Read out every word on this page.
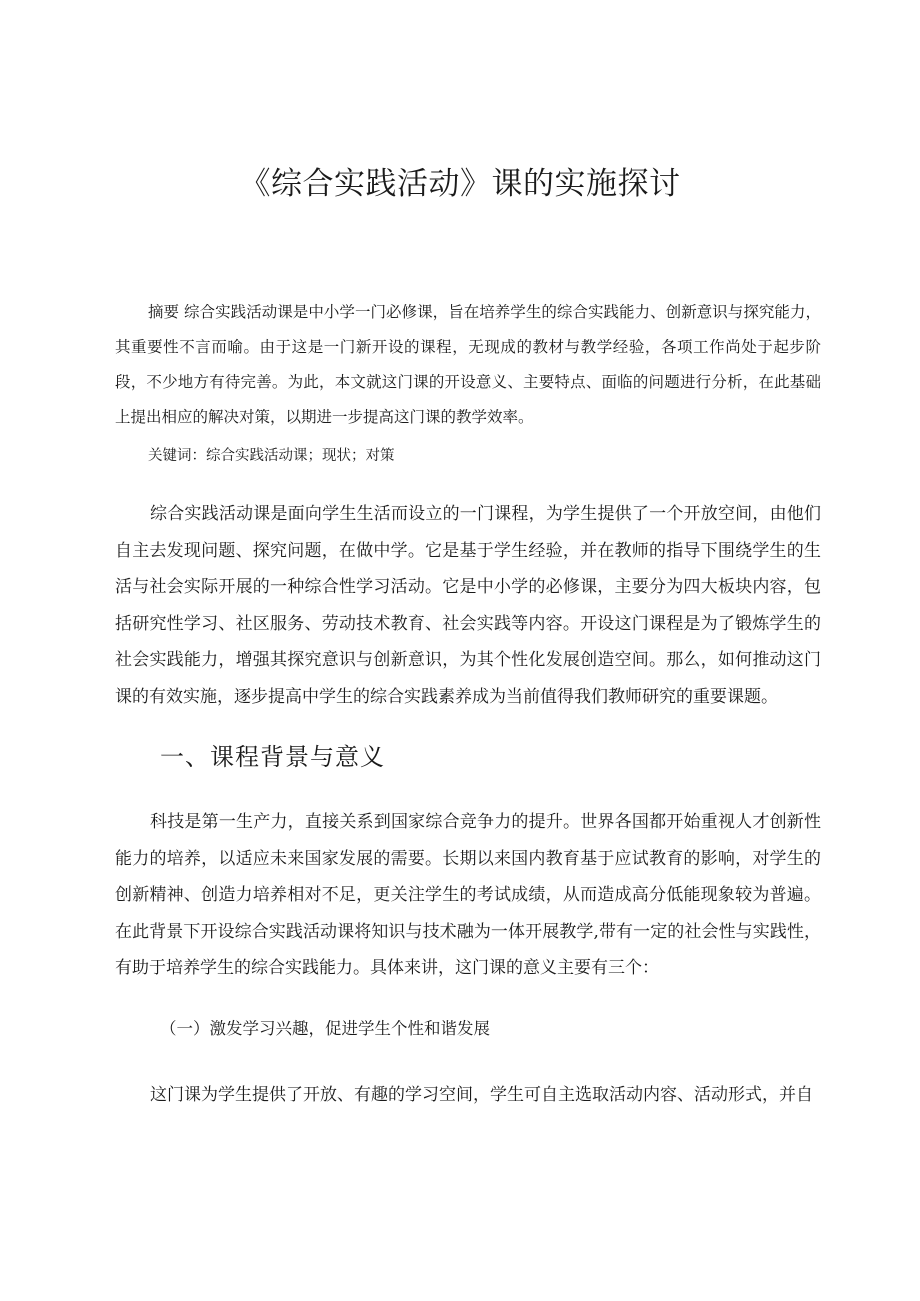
《综合实践活动》课的实施探讨
摘要 综合实践活动课是中小学一门必修课，旨在培养学生的综合实践能力、创新意识与探究能力，其重要性不言而喻。由于这是一门新开设的课程，无现成的教材与教学经验，各项工作尚处于起步阶段，不少地方有待完善。为此，本文就这门课的开设意义、主要特点、面临的问题进行分析，在此基础上提出相应的解决对策，以期进一步提高这门课的教学效率。
关键词：综合实践活动课；现状；对策
综合实践活动课是面向学生生活而设立的一门课程，为学生提供了一个开放空间，由他们自主去发现问题、探究问题，在做中学。它是基于学生经验，并在教师的指导下围绕学生的生活与社会实际开展的一种综合性学习活动。它是中小学的必修课，主要分为四大板块内容，包括研究性学习、社区服务、劳动技术教育、社会实践等内容。开设这门课程是为了锻炼学生的社会实践能力，增强其探究意识与创新意识，为其个性化发展创造空间。那么，如何推动这门课的有效实施，逐步提高中学生的综合实践素养成为当前值得我们教师研究的重要课题。
一、课程背景与意义
科技是第一生产力，直接关系到国家综合竞争力的提升。世界各国都开始重视人才创新性能力的培养，以适应未来国家发展的需要。长期以来国内教育基于应试教育的影响，对学生的创新精神、创造力培养相对不足，更关注学生的考试成绩，从而造成高分低能现象较为普遍。在此背景下开设综合实践活动课将知识与技术融为一体开展教学,带有一定的社会性与实践性，有助于培养学生的综合实践能力。具体来讲，这门课的意义主要有三个：
（一）激发学习兴趣，促进学生个性和谐发展
这门课为学生提供了开放、有趣的学习空间，学生可自主选取活动内容、活动形式，并自
